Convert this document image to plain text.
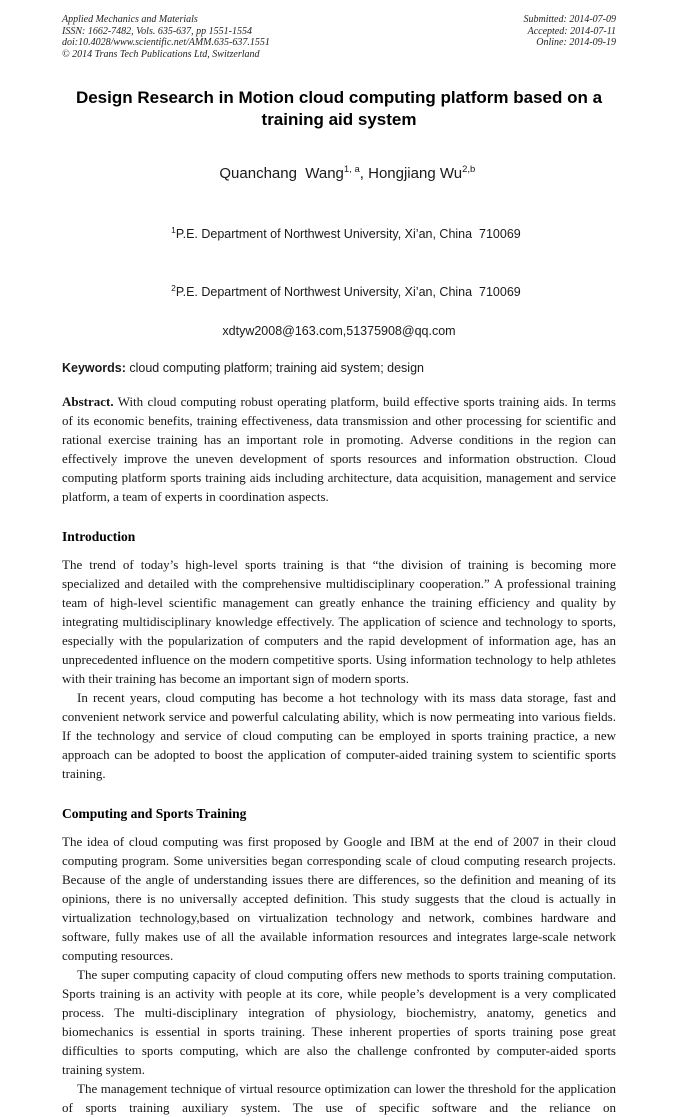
Applied Mechanics and Materials
ISSN: 1662-7482, Vols. 635-637, pp 1551-1554
doi:10.4028/www.scientific.net/AMM.635-637.1551
© 2014 Trans Tech Publications Ltd, Switzerland
Submitted: 2014-07-09
Accepted: 2014-07-11
Online: 2014-09-19
Design Research in Motion cloud computing platform based on a training aid system

Quanchang  Wang$^{1, a}$, Hongjiang Wu$^{2,b}$

$^1$P.E. Department of Northwest University, Xi’an, China  710069

$^2$P.E. Department of Northwest University, Xi’an, China  710069

xdtyw2008@163.com,51375908@qq.com
Keywords: cloud computing platform; training aid system; design

Abstract. With cloud computing robust operating platform, build effective sports training aids. In terms of its economic benefits, training effectiveness, data transmission and other processing for scientific and rational exercise training has an important role in promoting. Adverse conditions in the region can effectively improve the uneven development of sports resources and information obstruction. Cloud computing platform sports training aids including architecture, data acquisition, management and service platform, a team of experts in coordination aspects.

Introduction

The trend of today’s high-level sports training is that “the division of training is becoming more specialized and detailed with the comprehensive multidisciplinary cooperation.” A professional training team of high-level scientific management can greatly enhance the training efficiency and quality by integrating multidisciplinary knowledge effectively. The application of science and technology to sports, especially with the popularization of computers and the rapid development of information age, has an unprecedented influence on the modern competitive sports. Using information technology to help athletes with their training has become an important sign of modern sports.

In recent years, cloud computing has become a hot technology with its mass data storage, fast and convenient network service and powerful calculating ability, which is now permeating into various fields. If the technology and service of cloud computing can be employed in sports training practice, a new approach can be adopted to boost the application of computer-aided training system to scientific sports training.

Computing and Sports Training

The idea of cloud computing was first proposed by Google and IBM at the end of 2007 in their cloud computing program. Some universities began corresponding scale of cloud computing research projects. Because of the angle of understanding issues there are differences, so the definition and meaning of its opinions, there is no universally accepted definition. This study suggests that the cloud is actually in virtualization technology,based on virtualization technology and network, combines hardware and software, fully makes use of all the available information resources and integrates large-scale network computing resources.

The super computing capacity of cloud computing offers new methods to sports training computation. Sports training is an activity with people at its core, while people’s development is a very complicated process. The multi-disciplinary integration of physiology, biochemistry, anatomy, genetics and biomechanics is essential in sports training. These inherent properties of sports training pose great difficulties to sports computing, which are also the challenge confronted by computer-aided sports training system.

The management technique of virtual resource optimization can lower the threshold for the application of sports training auxiliary system. The use of specific software and the reliance on
